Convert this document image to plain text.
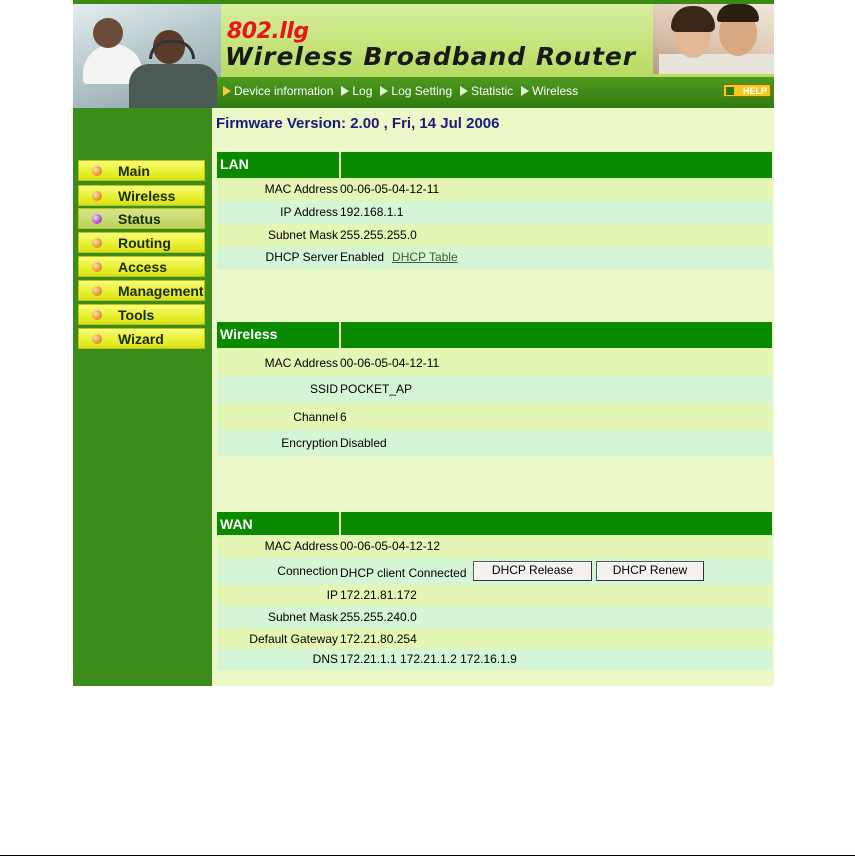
802.llg
Wireless Broadband Router
Device information Log Log Setting Statistic Wireless	HELP
Main
Wireless
Status
Routing
Access
Management
Tools
Wizard
Firmware Version: 2.00 , Fri, 14 Jul 2006
LAN
MAC Address 00-06-05-04-12-11
IP Address 192.168.1.1
Subnet Mask 255.255.255.0
DHCP Server Enabled DHCP Table
Wireless
MAC Address 00-06-05-04-12-11
SSID POCKET_AP
Channel 6
Encryption Disabled
WAN
MAC Address 00-06-05-04-12-12
Connection DHCP client Connected	DHCP Release	DHCP Renew
IP 172.21.81.172
Subnet Mask 255.255.240.0
Default Gateway 172.21.80.254
DNS 172.21.1.1 172.21.1.2 172.16.1.9
